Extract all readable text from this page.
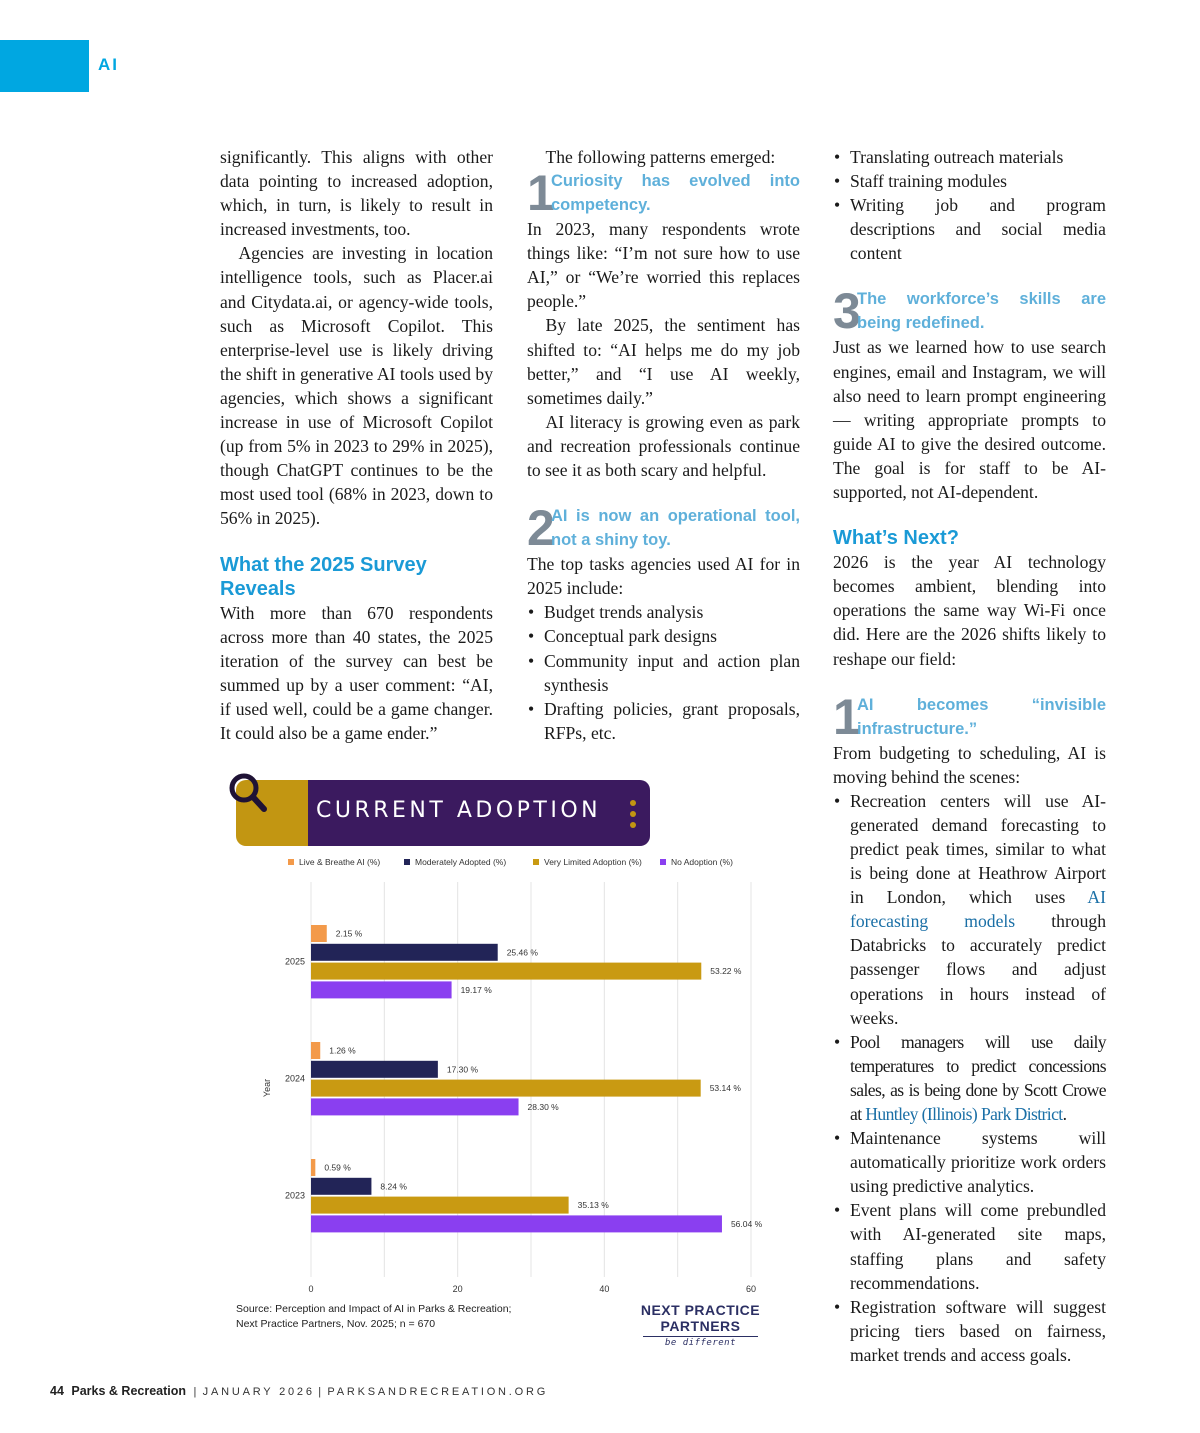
AI

significantly. This aligns with other data pointing to increased adoption, which, in turn, is likely to result in increased investments, too.

Agencies are investing in location intelligence tools, such as Placer.ai and Citydata.ai, or agency-wide tools, such as Microsoft Copilot. This enterprise-level use is likely driving the shift in generative AI tools used by agencies, which shows a significant increase in use of Microsoft Copilot (up from 5% in 2023 to 29% in 2025), though ChatGPT continues to be the most used tool (68% in 2023, down to 56% in 2025).

What the 2025 Survey Reveals

With more than 670 respondents across more than 40 states, the 2025 iteration of the survey can best be summed up by a user comment: “AI, if used well, could be a game changer. It could also be a game ender.”

The following patterns emerged:

1
Curiosity has evolved into competency.

In 2023, many respondents wrote things like: “I’m not sure how to use AI,” or “We’re worried this replaces people.”

By late 2025, the sentiment has shifted to: “AI helps me do my job better,” and “I use AI weekly, sometimes daily.”

AI literacy is growing even as park and recreation professionals continue to see it as both scary and helpful.

2
AI is now an operational tool, not a shiny toy.

The top tasks agencies used AI for in 2025 include:

• Budget trends analysis
• Conceptual park designs
• Community input and action plan synthesis
• Drafting policies, grant proposals, RFPs, etc.
• Translating outreach materials
• Staff training modules
• Writing job and program descriptions and social media content
3
The workforce’s skills are being redefined.

Just as we learned how to use search engines, email and Instagram, we will also need to learn prompt engineering — writing appropriate prompts to guide AI to give the desired outcome. The goal is for staff to be AI-supported, not AI-dependent.

What’s Next?

2026 is the year AI technology becomes ambient, blending into operations the same way Wi-Fi once did. Here are the 2026 shifts likely to reshape our field:

1
AI becomes “invisible infrastructure.”

From budgeting to scheduling, AI is moving behind the scenes:

• Recreation centers will use AI-generated demand forecasting to predict peak times, similar to what is being done at Heathrow Airport in London, which uses AI forecasting models through Databricks to accurately predict passenger flows and adjust operations in hours instead of weeks.
• Pool managers will use daily temperatures to predict concessions sales, as is being done by Scott Crowe at Huntley (Illinois) Park District.
• Maintenance systems will automatically prioritize work orders using predictive analytics.
• Event plans will come prebundled with AI-generated site maps, staffing plans and safety recommendations.
• Registration software will suggest pricing tiers based on fairness, market trends and access goals.
CURRENT ADOPTION
0	20	40	60
Live & Breathe AI (%)	Moderately Adopted (%)	Very Limited Adoption (%)	No Adoption (%)
Year
2025
2.15 %
25.46 %
53.22 %
19.17 %
2024
1.26 %
17.30 %
53.14 %
28.30 %
2023
0.59 %
8.24 %
35.13 %
56.04 %
Source: Perception and Impact of AI in Parks & Recreation;
Next Practice Partners, Nov. 2025; n = 670
NEXT PRACTICE PARTNERS
be different
44 Parks & Recreation | JANUARY 2026 | PARKSANDRECREATION.ORG
